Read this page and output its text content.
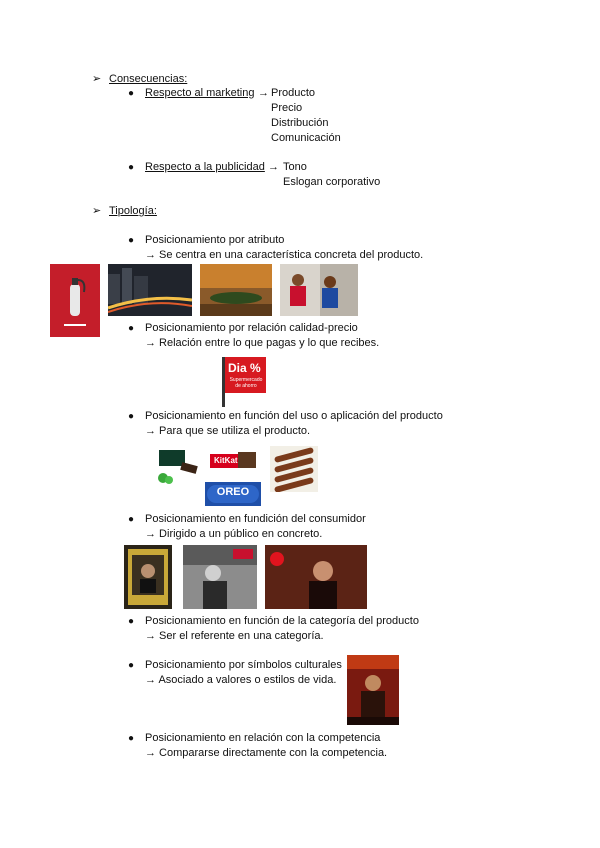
➢ Consecuencias:
● Respecto al marketing → Producto
Precio
Distribución
Comunicación
● Respecto a la publicidad → Tono
Eslogan corporativo
➢ Tipología:
● Posicionamiento por atributo
→ Se centra en una característica concreta del producto.
● Posicionamiento por relación calidad-precio
→ Relación entre lo que pagas y lo que recibes.
Dia %
Supermercado de ahorro
● Posicionamiento en función del uso o aplicación del producto
→ Para que se utiliza el producto.
KitKat
OREO
● Posicionamiento en fundición del consumidor
→ Dirigido a un público en concreto.
● Posicionamiento en función de la categoría del producto
→ Ser el referente en una categoría.
● Posicionamiento por símbolos culturales
→ Asociado a valores o estilos de vida.
● Posicionamiento en relación con la competencia
→ Compararse directamente con la competencia.
